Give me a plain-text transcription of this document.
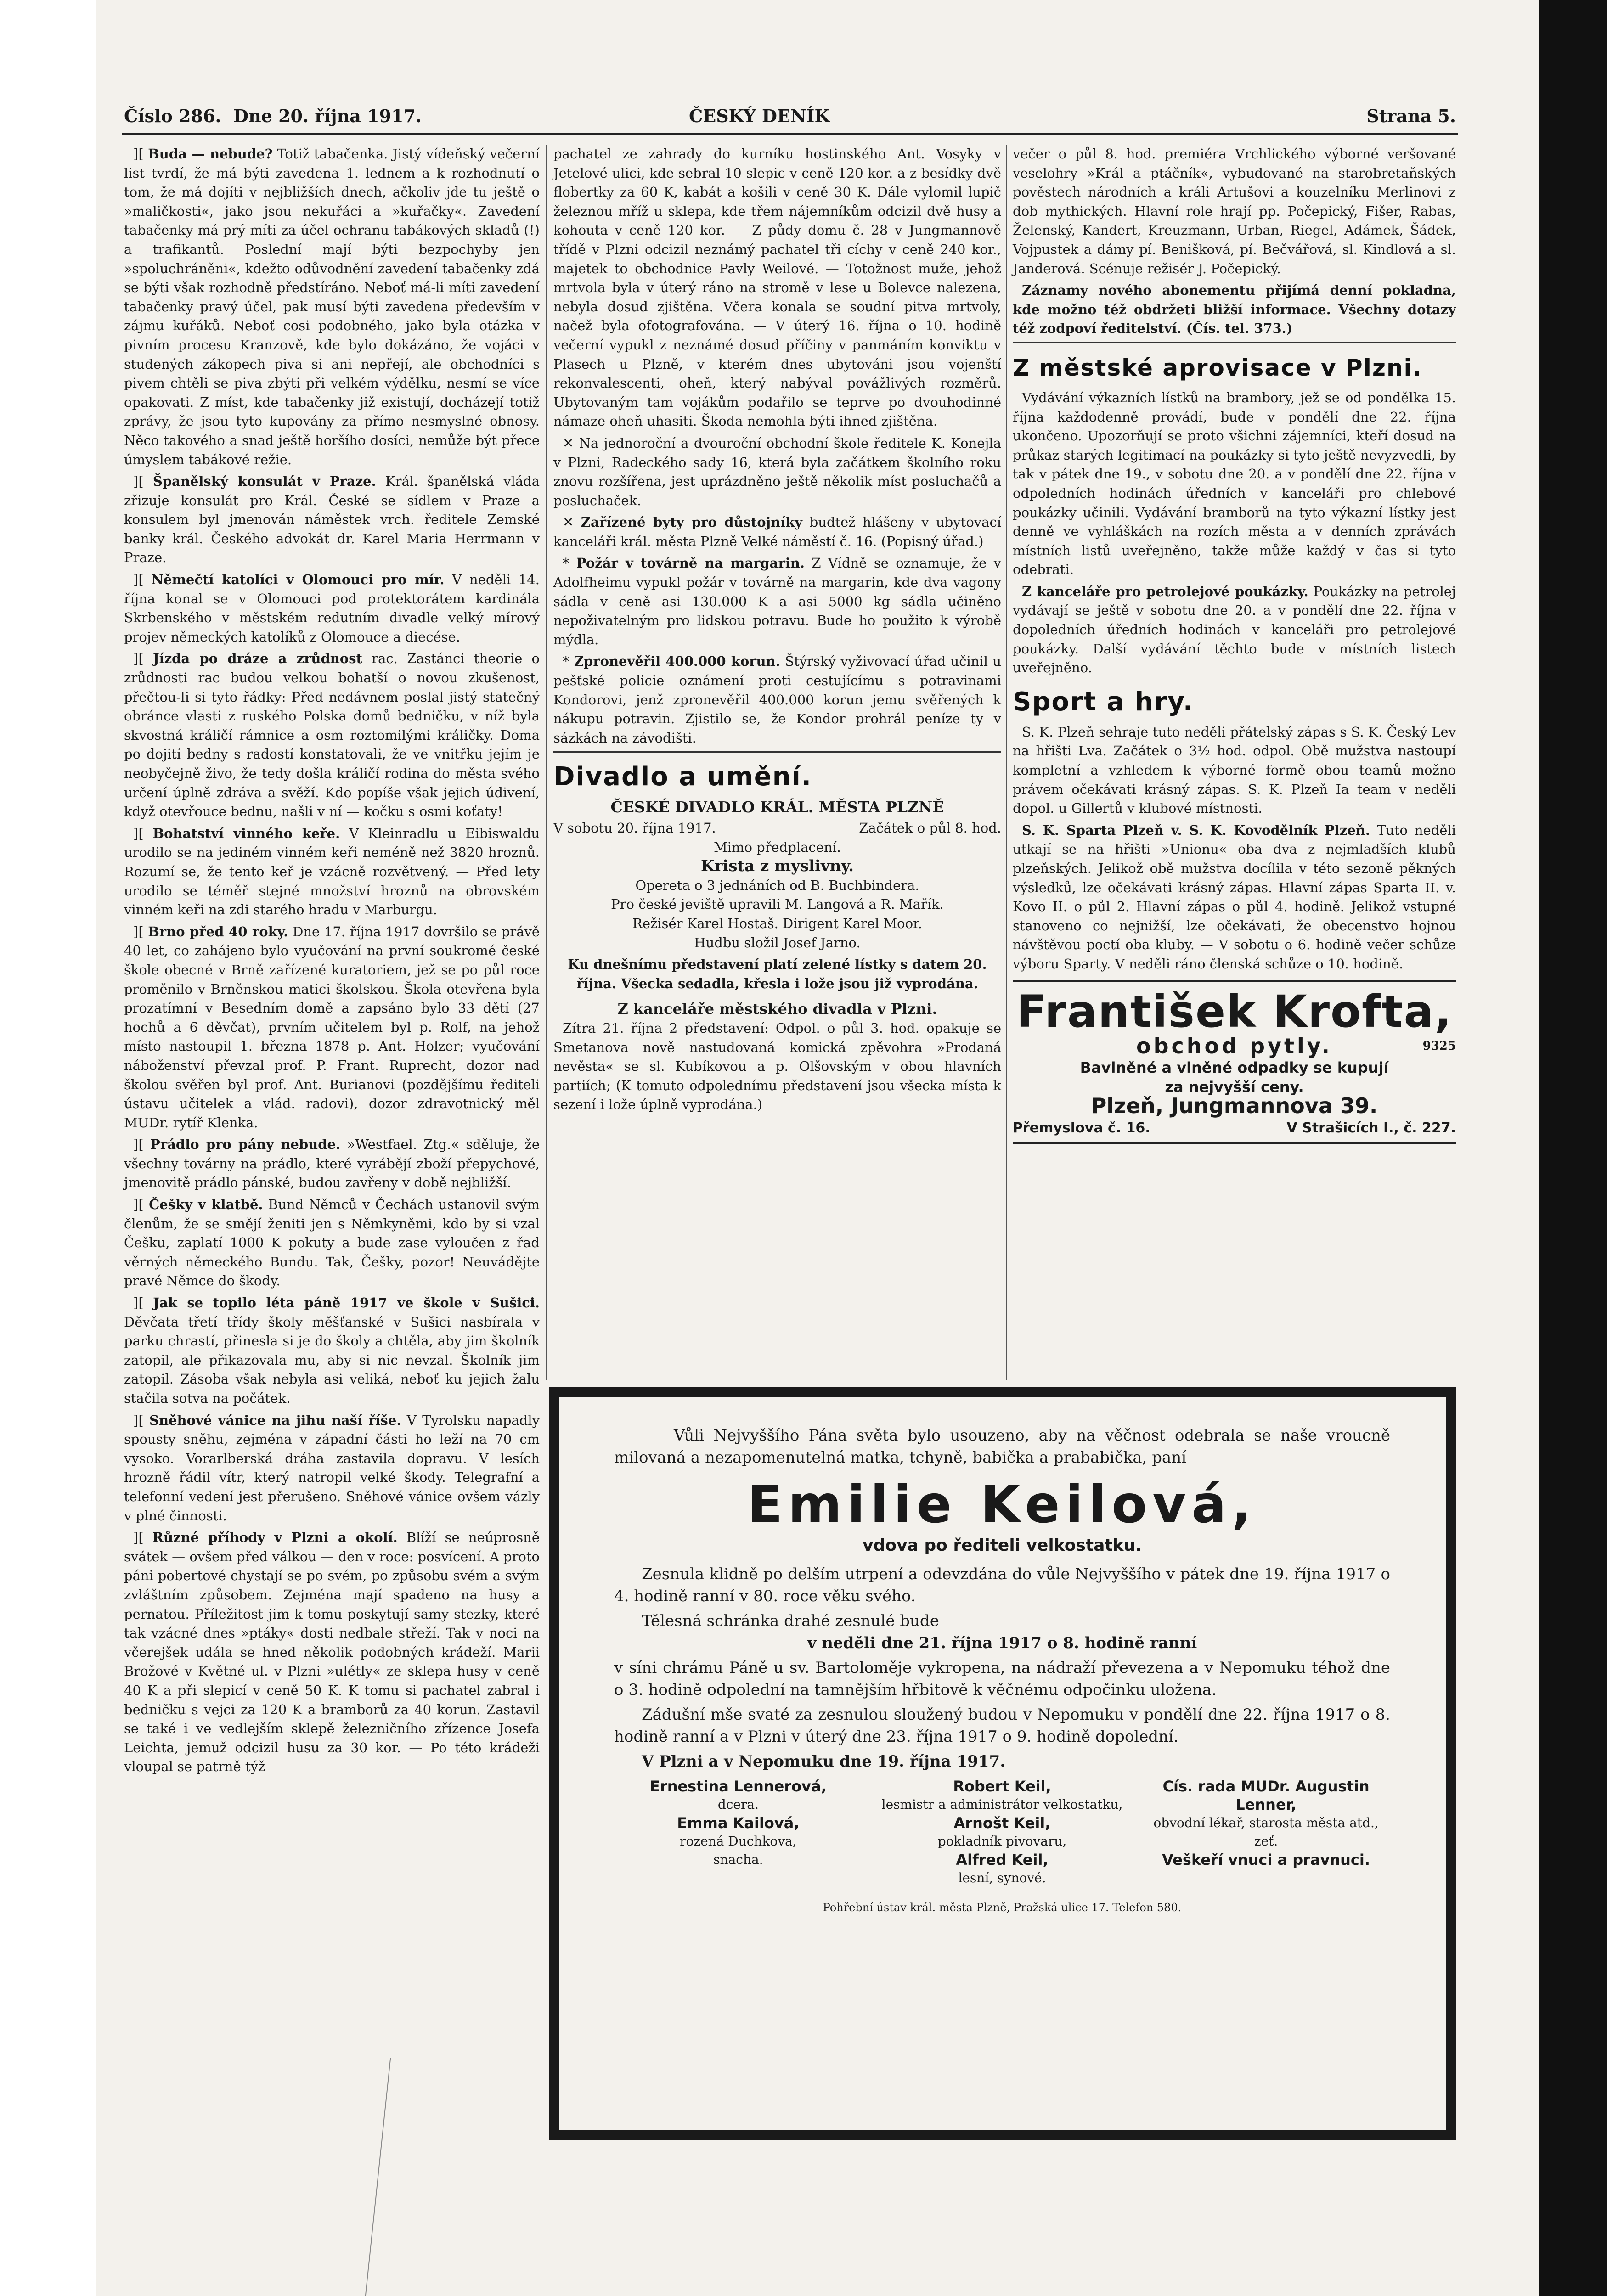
Číslo 286. Dne 20. října 1917.	ČESKÝ DENÍK	Strana 5.

][ Buda — nebude? Totiž tabačenka. Jistý vídeňský večerní list tvrdí, že má býti zavedena 1. lednem a k rozhodnutí o tom, že má dojíti v nejbližších dnech, ačkoliv jde tu ještě o »maličkosti«, jako jsou nekuřáci a »kuřačky«. Zavedení tabačenky má prý míti za účel ochranu tabákových skladů (!) a trafikantů. Poslední mají býti bezpochyby jen »spoluchráněni«, kdežto odůvodnění zavedení tabačenky zdá se býti však rozhodně předstíráno. Neboť má-li míti zavedení tabačenky pravý účel, pak musí býti zavedena především v zájmu kuřáků. Neboť cosi podobného, jako byla otázka v pivním procesu Kranzově, kde bylo dokázáno, že vojáci v studených zákopech piva si ani nepřejí, ale obchodníci s pivem chtěli se piva zbýti při velkém výdělku, nesmí se více opakovati. Z míst, kde tabačenky již existují, docházejí totiž zprávy, že jsou tyto kupovány za přímo nesmyslné obnosy. Něco takového a snad ještě horšího dosíci, nemůže být přece úmyslem tabákové režie.

][ Španělský konsulát v Praze. Král. španělská vláda zřizuje konsulát pro Král. České se sídlem v Praze a konsulem byl jmenován náměstek vrch. ředitele Zemské banky král. Českého advokát dr. Karel Maria Herrmann v Praze.

][ Němečtí katolíci v Olomouci pro mír. V neděli 14. října konal se v Olomouci pod protektorátem kardinála Skrbenského v městském redutním divadle velký mírový projev německých katolíků z Olomouce a diecése.

][ Jízda po dráze a zrůdnost rac. Zastánci theorie o zrůdnosti rac budou velkou bohatší o novou zkušenost, přečtou-li si tyto řádky: Před nedávnem poslal jistý statečný obránce vlasti z ruského Polska domů bedničku, v níž byla skvostná králičí rámnice a osm roztomilými králičky. Doma po dojití bedny s radostí konstatovali, že ve vnitřku jejím je neobyčejně živo, že tedy došla králičí rodina do města svého určení úplně zdráva a svěží. Kdo popíše však jejich údivení, když otevřouce bednu, našli v ní — kočku s osmi koťaty!

][ Bohatství vinného keře. V Kleinradlu u Eibiswaldu urodilo se na jediném vinném keři neméně než 3820 hroznů. Rozumí se, že tento keř je vzácně rozvětvený. — Před lety urodilo se téměř stejné množství hroznů na obrovském vinném keři na zdi starého hradu v Marburgu.

][ Brno před 40 roky. Dne 17. října 1917 dovršilo se právě 40 let, co zahájeno bylo vyučování na první soukromé české škole obecné v Brně zařízené kuratoriem, jež se po půl roce proměnilo v Brněnskou matici školskou. Škola otevřena byla prozatímní v Besedním domě a zapsáno bylo 33 dětí (27 hochů a 6 děvčat), prvním učitelem byl p. Rolf, na jehož místo nastoupil 1. března 1878 p. Ant. Holzer; vyučování náboženství převzal prof. P. Frant. Ruprecht, dozor nad školou svěřen byl prof. Ant. Burianovi (pozdějšímu řediteli ústavu učitelek a vlád. radovi), dozor zdravotnický měl MUDr. rytíř Klenka.

][ Prádlo pro pány nebude. »Westfael. Ztg.« sděluje, že všechny továrny na prádlo, které vyrábějí zboží přepychové, jmenovitě prádlo pánské, budou zavřeny v době nejbližší.

][ Češky v klatbě. Bund Němců v Čechách ustanovil svým členům, že se smějí ženiti jen s Němkyněmi, kdo by si vzal Češku, zaplatí 1000 K pokuty a bude zase vyloučen z řad věrných německého Bundu. Tak, Češky, pozor! Neuvádějte pravé Němce do škody.

][ Jak se topilo léta páně 1917 ve škole v Sušici. Děvčata třetí třídy školy měšťanské v Sušici nasbírala v parku chrastí, přinesla si je do školy a chtěla, aby jim školník zatopil, ale přikazovala mu, aby si nic nevzal. Školník jim zatopil. Zásoba však nebyla asi veliká, neboť ku jejich žalu stačila sotva na počátek.

][ Sněhové vánice na jihu naší říše. V Tyrolsku napadly spousty sněhu, zejména v západní části ho leží na 70 cm vysoko. Vorarlberská dráha zastavila dopravu. V lesích hrozně řádil vítr, který natropil velké škody. Telegrafní a telefonní vedení jest přerušeno. Sněhové vánice ovšem vázly v plné činnosti.

][ Různé příhody v Plzni a okolí. Blíží se neúprosně svátek — ovšem před válkou — den v roce: posvícení. A proto páni pobertové chystají se po svém, po způsobu svém a svým zvláštním způsobem. Zejména mají spadeno na husy a pernatou. Příležitost jim k tomu poskytují samy stezky, které tak vzácné dnes »ptáky« dosti nedbale střeží. Tak v noci na včerejšek udála se hned několik podobných krádeží. Marii Brožové v Květné ul. v Plzni »ulétly« ze sklepa husy v ceně 40 K a při slepicí v ceně 50 K. K tomu si pachatel zabral i bedničku s vejci za 120 K a bramborů za 40 korun. Zastavil se také i ve vedlejším sklepě železničního zřízence Josefa Leichta, jemuž odcizil husu za 30 kor. — Po této krádeži vloupal se patrně týž

pachatel ze zahrady do kurníku hostinského Ant. Vosyky v Jetelové ulici, kde sebral 10 slepic v ceně 120 kor. a z besídky dvě flobertky za 60 K, kabát a košili v ceně 30 K. Dále vylomil lupič železnou mříž u sklepa, kde třem nájemníkům odcizil dvě husy a kohouta v ceně 120 kor. — Z půdy domu č. 28 v Jungmannově třídě v Plzni odcizil neznámý pachatel tři cíchy v ceně 240 kor., majetek to obchodnice Pavly Weilové. — Totožnost muže, jehož mrtvola byla v úterý ráno na stromě v lese u Bolevce nalezena, nebyla dosud zjištěna. Včera konala se soudní pitva mrtvoly, načež byla ofotografována. — V úterý 16. října o 10. hodině večerní vypukl z neznámé dosud příčiny v panmáním konviktu v Plasech u Plzně, v kterém dnes ubytováni jsou vojenští rekonvalescenti, oheň, který nabýval povážlivých rozměrů. Ubytovaným tam vojákům podařilo se teprve po dvouhodinné námaze oheň uhasiti. Škoda nemohla býti ihned zjištěna.

✕ Na jednoroční a dvouroční obchodní škole ředitele K. Konejla v Plzni, Radeckého sady 16, která byla začátkem školního roku znovu rozšířena, jest uprázdněno ještě několik míst posluchačů a posluchaček.

✕ Zařízené byty pro důstojníky budtež hlášeny v ubytovací kanceláři král. města Plzně Velké náměstí č. 16. (Popisný úřad.)

* Požár v továrně na margarin. Z Vídně se oznamuje, že v Adolfheimu vypukl požár v továrně na margarin, kde dva vagony sádla v ceně asi 130.000 K a asi 5000 kg sádla učiněno nepoživatelným pro lidskou potravu. Bude ho použito k výrobě mýdla.

* Zpronevěřil 400.000 korun. Štýrský vyživovací úřad učinil u pešťské policie oznámení proti cestujícímu s potravinami Kondorovi, jenž zpronevěřil 400.000 korun jemu svěřených k nákupu potravin. Zjistilo se, že Kondor prohrál peníze ty v sázkách na závodišti.

Divadlo a umění.
ČESKÉ DIVADLO KRÁL. MĚSTA PLZNĚ
V sobotu 20. října 1917.	Začátek o půl 8. hod.
Mimo předplacení.
Krista z myslivny.
Opereta o 3 jednáních od B. Buchbindera.
Pro české jeviště upravili M. Langová a R. Mařík.
Režisér Karel Hostaš. Dirigent Karel Moor.
Hudbu složil Josef Jarno.
Ku dnešnímu představení platí zelené lístky s datem 20. října. Všecka sedadla, křesla i lože jsou již vyprodána.
Z kanceláře městského divadla v Plzni.

Zítra 21. října 2 představení: Odpol. o půl 3. hod. opakuje se Smetanova nově nastudovaná komická zpěvohra »Prodaná nevěsta« se sl. Kubíkovou a p. Olšovským v obou hlavních partiích; (K tomuto odpolednímu představení jsou všecka místa k sezení i lože úplně vyprodána.)

večer o půl 8. hod. premiéra Vrchlického výborné veršované veselohry »Král a ptáčník«, vybudované na starobretaňských pověstech národních a králi Artušovi a kouzelníku Merlinovi z dob mythických. Hlavní role hrají pp. Počepický, Fišer, Rabas, Želenský, Kandert, Kreuzmann, Urban, Riegel, Adámek, Šádek, Vojpustek a dámy pí. Benišková, pí. Bečvářová, sl. Kindlová a sl. Janderová. Scénuje režisér J. Počepický.

Záznamy nového abonementu přijímá denní pokladna, kde možno též obdržeti bližší informace. Všechny dotazy též zodpoví ředitelství. (Čís. tel. 373.)

Z městské aprovisace v Plzni.

Vydávání výkazních lístků na brambory, jež se od pondělka 15. října každodenně provádí, bude v pondělí dne 22. října ukončeno. Upozorňují se proto všichni zájemníci, kteří dosud na průkaz starých legitimací na poukázky si tyto ještě nevyzvedli, by tak v pátek dne 19., v sobotu dne 20. a v pondělí dne 22. října v odpoledních hodinách úředních v kanceláři pro chlebové poukázky učinili. Vydávání bramborů na tyto výkazní lístky jest denně ve vyhláškách na rozích města a v denních zprávách místních listů uveřejněno, takže může každý v čas si tyto odebrati.

Z kanceláře pro petrolejové poukázky. Poukázky na petrolej vydávají se ještě v sobotu dne 20. a v pondělí dne 22. října v dopoledních úředních hodinách v kanceláři pro petrolejové poukázky. Další vydávání těchto bude v místních listech uveřejněno.

Sport a hry.

S. K. Plzeň sehraje tuto neděli přátelský zápas s S. K. Český Lev na hřišti Lva. Začátek o 3½ hod. odpol. Obě mužstva nastoupí kompletní a vzhledem k výborné formě obou teamů možno právem očekávati krásný zápas. S. K. Plzeň Ia team v neděli dopol. u Gillertů v klubové místnosti.

S. K. Sparta Plzeň v. S. K. Kovodělník Plzeň. Tuto neděli utkají se na hřišti »Unionu« oba dva z nejmladších klubů plzeňských. Jelikož obě mužstva docílila v této sezoně pěkných výsledků, lze očekávati krásný zápas. Hlavní zápas Sparta II. v. Kovo II. o půl 2. Hlavní zápas o půl 4. hodině. Jelikož vstupné stanoveno co nejnižší, lze očekávati, že obecenstvo hojnou návštěvou poctí oba kluby. — V sobotu o 6. hodině večer schůze výboru Sparty. V neděli ráno členská schůze o 10. hodině.

František Krofta,
obchod pytly.	9325
Bavlněné a vlněné odpadky se kupují
za nejvyšší ceny.
Plzeň, Jungmannova 39.
Přemyslova č. 16.	V Strašicích I., č. 227.

Vůli Nejvyššího Pána světa bylo usouzeno, aby na věčnost odebrala se naše vroucně milovaná a nezapomenutelná matka, tchyně, babička a prababička, paní

Emilie Keilová,
vdova po řediteli velkostatku.

Zesnula klidně po delším utrpení a odevzdána do vůle Nejvyššího v pátek dne 19. října 1917 o 4. hodině ranní v 80. roce věku svého.

Tělesná schránka drahé zesnulé bude

v neděli dne 21. října 1917 o 8. hodině ranní

v síni chrámu Páně u sv. Bartoloměje vykropena, na nádraží převezena a v Nepomuku téhož dne o 3. hodině odpolední na tamnějším hřbitově k věčnému odpočinku uložena.

Zádušní mše svaté za zesnulou sloužený budou v Nepomuku v pondělí dne 22. října 1917 o 8. hodině ranní a v Plzni v úterý dne 23. října 1917 o 9. hodině dopolední.

V Plzni a v Nepomuku dne 19. října 1917.

Ernestina Lennerová,
dcera.
Emma Kailová,
rozená Duchkova,
snacha.
Robert Keil,
lesmistr a administrátor velkostatku,
Arnošt Keil,
pokladník pivovaru,
Alfred Keil,
lesní, synové.
Cís. rada MUDr. Augustin Lenner,
obvodní lékař, starosta města atd., zeť.
Veškeří vnuci a pravnuci.
Pohřební ústav král. města Plzně, Pražská ulice 17. Telefon 580.
